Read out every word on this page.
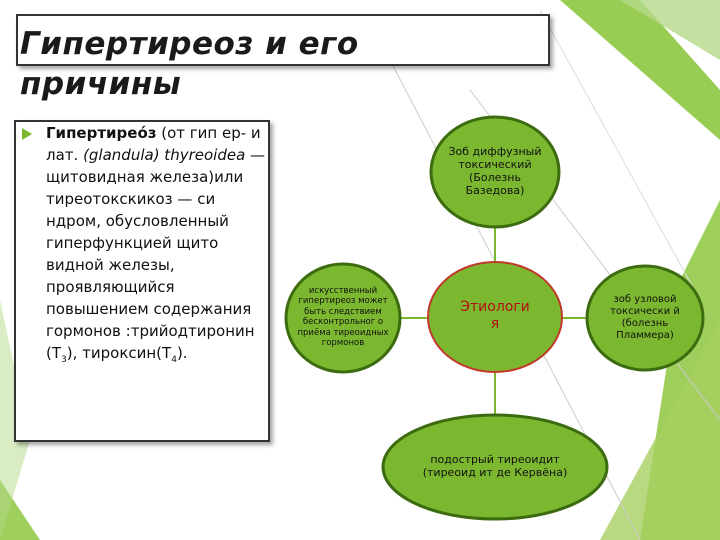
Гипертиреоз и его
причины

Гипертирео́з (от гип ер- и лат. (glandula) thyreoidea — щитовидная железа)или тиреотокскикоз — си ндром, обусловленный гиперфункцией щито видной железы, проявляющийся повышением содержания гормонов :трийодтиронин $(Т_3)$, $тироксин(Т_4)$.

Этиологи я
Зоб диффузный токсический (Болезнь Базедова)
зоб узловой токсически й (болезнь Пламмера)
подострый тиреоидит (тиреоид ит де Кервёна)
искусственный гипертиреоз может быть следствием бесконтрольног о приёма тиреоидных гормонов
